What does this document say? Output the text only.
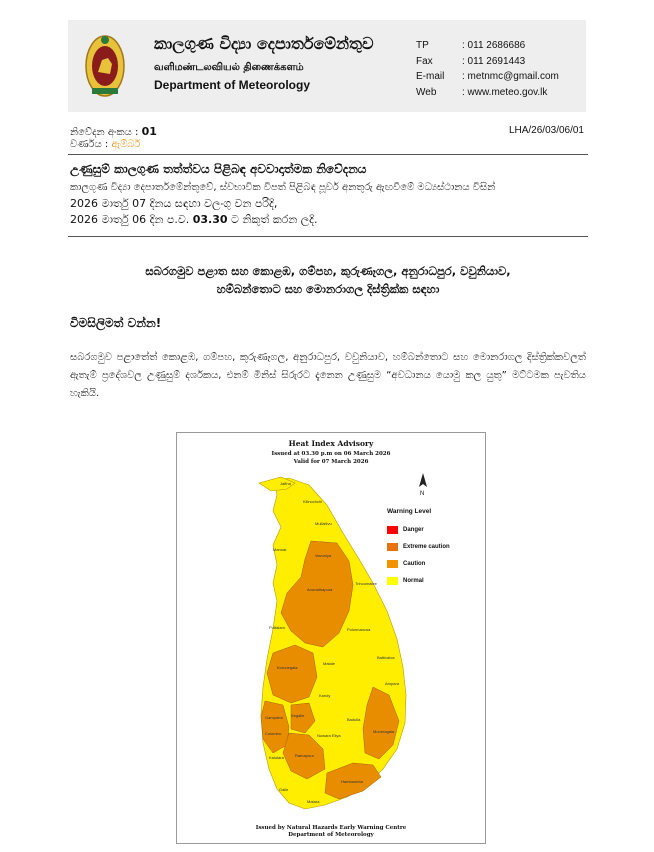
කාලගුණ විද්‍යා දෙපාර්තමේන්තුව
வளிமண்டலவியல் திணைக்களம்
Department of Meteorology
TP	: 011 2686686
Fax	: 011 2691443
E-mail : metnmc@gmail.com
Web	: www.meteo.gov.lk
නිවේදන අංකය : 01	LHA/26/03/06/01
වර්ණය : ඇම්බර්
උණුසුම් කාලගුණ තත්ත්වය පිළිබඳ අවවාදාත්මක නිවේදනය
කාලගුණ විද්‍යා දෙපාර්තමේන්තුවේ, ස්වභාවික විපත් පිළිබඳ පූර්ව අනතුරු ඇඟවීමේ මධ්‍යස්ථානය විසින්
2026 මාර්තු 07 දිනය සඳහා වලංගු වන පරිදි,
2026 මාර්තු 06 දින ප.ව. 03.30 ට නිකුත් කරන ලදි.
සබරගමුව පළාත සහ කොළඹ, ගම්පහ, කුරුණෑගල, අනුරාධපුර, වවුනියාව,
හම්බන්තොට සහ මොනරාගල දිස්ත්‍රික්ක සඳහා
විමසිලිමත් වන්න!
සබරගමුව පළාතේත් කොළඹ, ගම්පහ, කුරුණෑගල, අනුරාධපුර, වවුනියාව, හම්බන්තොට සහ මොනරාගල දිස්ත්‍රික්කවලත් ඇතැම් ප්‍රදේශවල උණුසුම් දර්ශකය, එනම් මිනිස් සිරුරට දැනෙන උණුසුම “අවධානය යොමු කල යුතු” මට්ටමක පැවතිය හැකියි.
Heat Index Advisory
Issued at 03.30 p.m on 06 March 2026
Valid for 07 March 2026
Jaffna
Kilinochchi
Mullaitivu
Mannar
Vavuniya
Trincomalee
Anuradhapura
Puttalam	Polonnaruwa
Kurunegala
Matale
Batticaloa
Gampaha
Kandy
Kegalle
Ampara
Colombo	Nuwara Eliya
Badulla
Kalutara	Ratnapura
Moneragala
Galle
Matara
Hambantota
N
Warning Level
Danger
Extreme caution
Caution
Normal
Issued by Natural Hazards Early Warning Centre
Department of Meteorology
